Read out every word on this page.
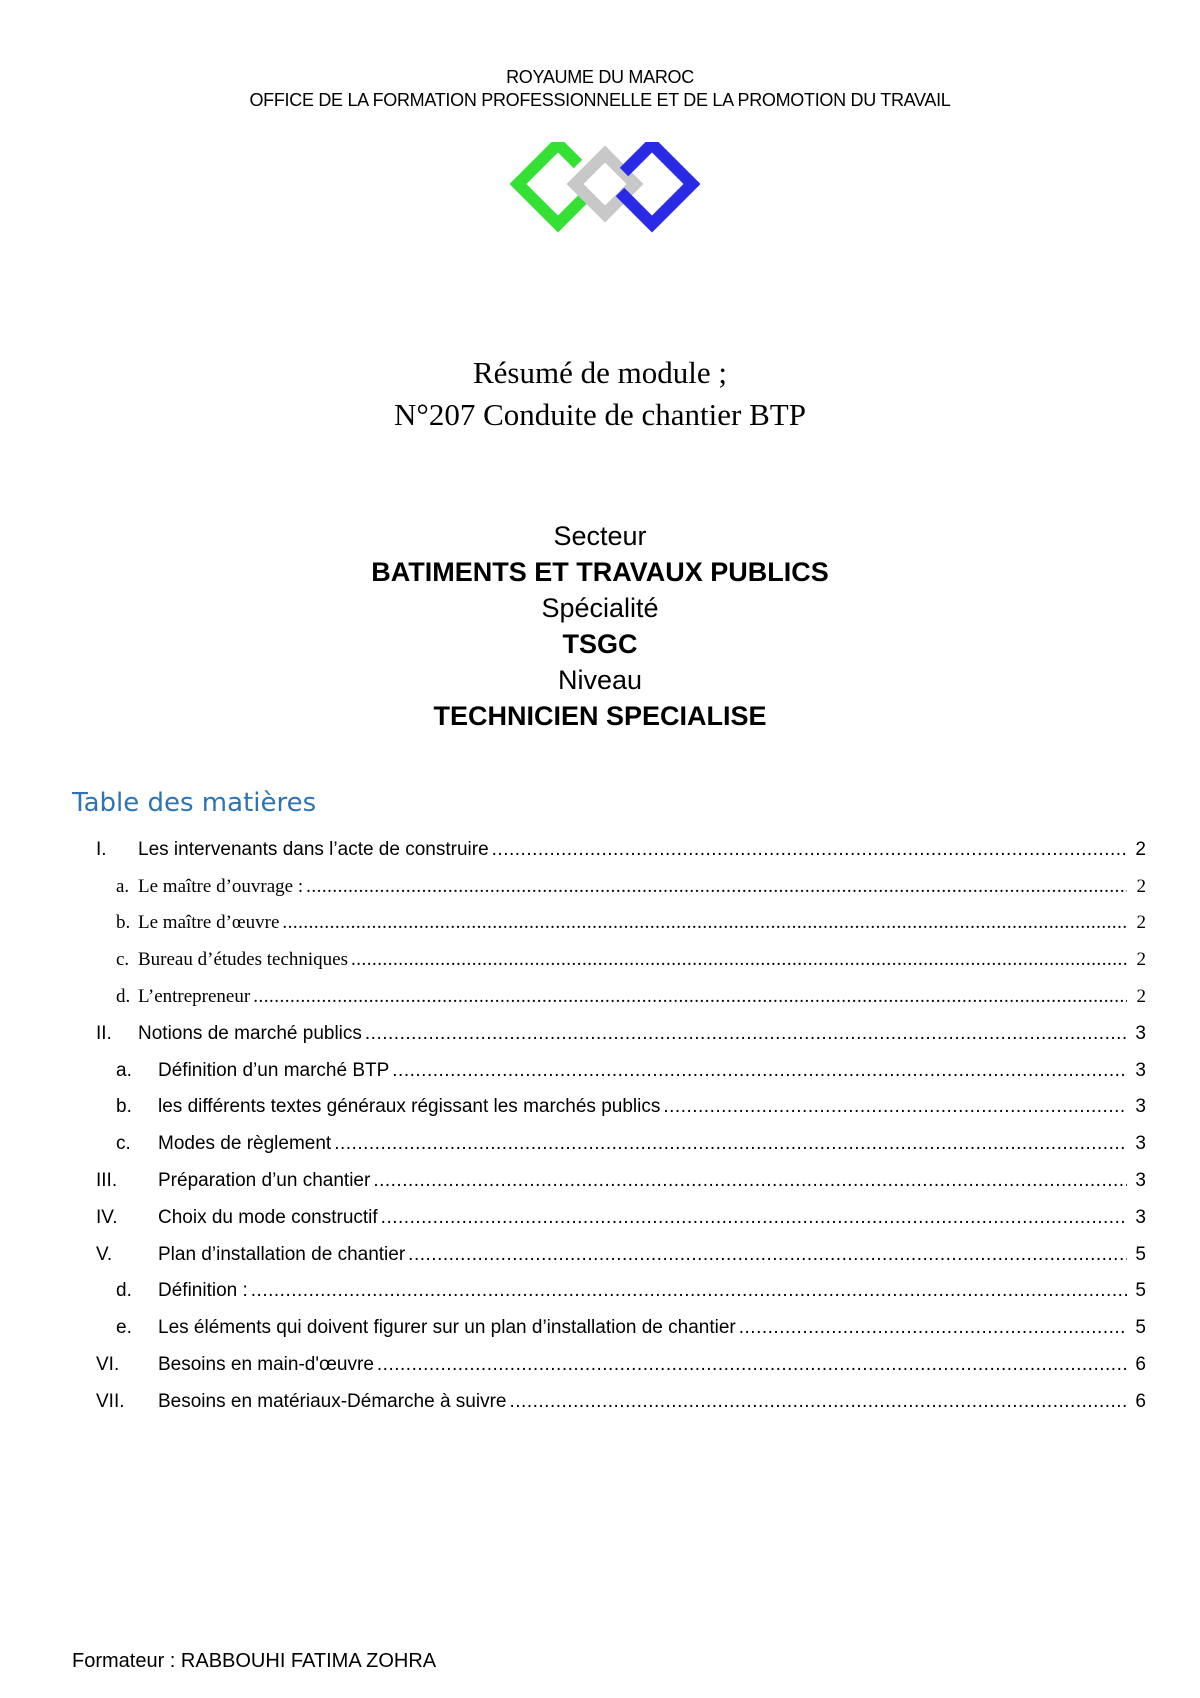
ROYAUME DU MAROC
OFFICE DE LA FORMATION PROFESSIONNELLE ET DE LA PROMOTION DU TRAVAIL
Résumé de module ;
N°207 Conduite de chantier BTP
Secteur
BATIMENTS ET TRAVAUX PUBLICS
Spécialité
TSGC
Niveau
TECHNICIEN SPECIALISE
Table des matières
I.	Les intervenants dans l’acte de construire .....	2
a. Le maître d’ouvrage : .....	2
b. Le maître d’œuvre .....	2
c. Bureau d’études techniques .....	2
d. L’entrepreneur .....	2
II.	Notions de marché publics .....	3
a.	Définition d’un marché BTP .....	3
b.	les différents textes généraux régissant les marchés publics .....	3
c.	Modes de règlement .....	3
III.	Préparation d’un chantier .....	3
IV.	Choix du mode constructif .....	3
V.	Plan d’installation de chantier .....	5
d.	Définition : .....	5
e.	Les éléments qui doivent figurer sur un plan d’installation de chantier .....	5
VI.	Besoins en main-d'œuvre .....	6
VII.	Besoins en matériaux-Démarche à suivre .....	6
Formateur : RABBOUHI FATIMA ZOHRA
